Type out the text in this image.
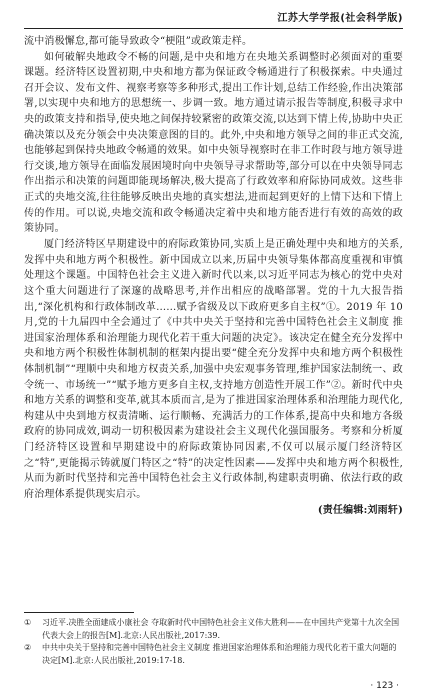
江苏大学学报(社会科学版)

流中消极懈怠,都可能导致政令“梗阻”或政策走样。

如何破解央地政令不畅的问题,是中央和地方在央地关系调整时必须面对的重要课题。经济特区设置初期,中央和地方都为保证政令畅通进行了积极探索。中央通过召开会议、发布文件、视察考察等多种形式,提出工作计划,总结工作经验,作出决策部署,以实现中央和地方的思想统一、步调一致。地方通过请示报告等制度,积极寻求中央的政策支持和指导,使央地之间保持较紧密的政策交流,以达到下情上传,协助中央正确决策以及充分领会中央决策意图的目的。此外,中央和地方领导之间的非正式交流,也能够起到保持央地政令畅通的效果。如中央领导视察时在非工作时段与地方领导进行交谈,地方领导在面临发展困境时向中央领导寻求帮助等,部分可以在中央领导同志作出指示和决策的问题即能现场解决,极大提高了行政效率和府际协同成效。这些非正式的央地交流,往往能够反映出央地的真实想法,进而起到更好的上情下达和下情上传的作用。可以说,央地交流和政令畅通决定着中央和地方能否进行有效的高效的政策协同。

厦门经济特区早期建设中的府际政策协同,实质上是正确处理中央和地方的关系,发挥中央和地方两个积极性。新中国成立以来,历届中央领导集体都高度重视和审慎处理这个课题。中国特色社会主义进入新时代以来,以习近平同志为核心的党中央对这个重大问题进行了深邃的战略思考,并作出相应的战略部署。党的十九大报告指出,“深化机构和行政体制改革……赋予省级及以下政府更多自主权”①。2019 年 10 月,党的十九届四中全会通过了《中共中央关于坚持和完善中国特色社会主义制度 推进国家治理体系和治理能力现代化若干重大问题的决定》。该决定在健全充分发挥中央和地方两个积极性体制机制的框架内提出要“健全充分发挥中央和地方两个积极性体制机制”“理顺中央和地方权责关系,加强中央宏观事务管理,维护国家法制统一、政令统一、市场统一”“赋予地方更多自主权,支持地方创造性开展工作”②。新时代中央和地方关系的调整和变革,就其本质而言,是为了推进国家治理体系和治理能力现代化,构建从中央到地方权责清晰、运行顺畅、充满活力的工作体系,提高中央和地方各级政府的协同成效,调动一切积极因素为建设社会主义现代化强国服务。考察和分析厦门经济特区设置和早期建设中的府际政策协同因素,不仅可以展示厦门经济特区之“特”,更能揭示铸就厦门特区之“特”的决定性因素——发挥中央和地方两个积极性,从而为新时代坚持和完善中国特色社会主义行政体制,构建职责明确、依法行政的政府治理体系提供现实启示。

(责任编辑:刘雨轩)
①	习近平.决胜全面建成小康社会 夺取新时代中国特色社会主义伟大胜利——在中国共产党第十九次全国代表大会上的报告[M].北京:人民出版社,2017:39.
②	中共中央关于坚持和完善中国特色社会主义制度 推进国家治理体系和治理能力现代化若干重大问题的决定[M].北京:人民出版社,2019:17-18.
· 123 ·
